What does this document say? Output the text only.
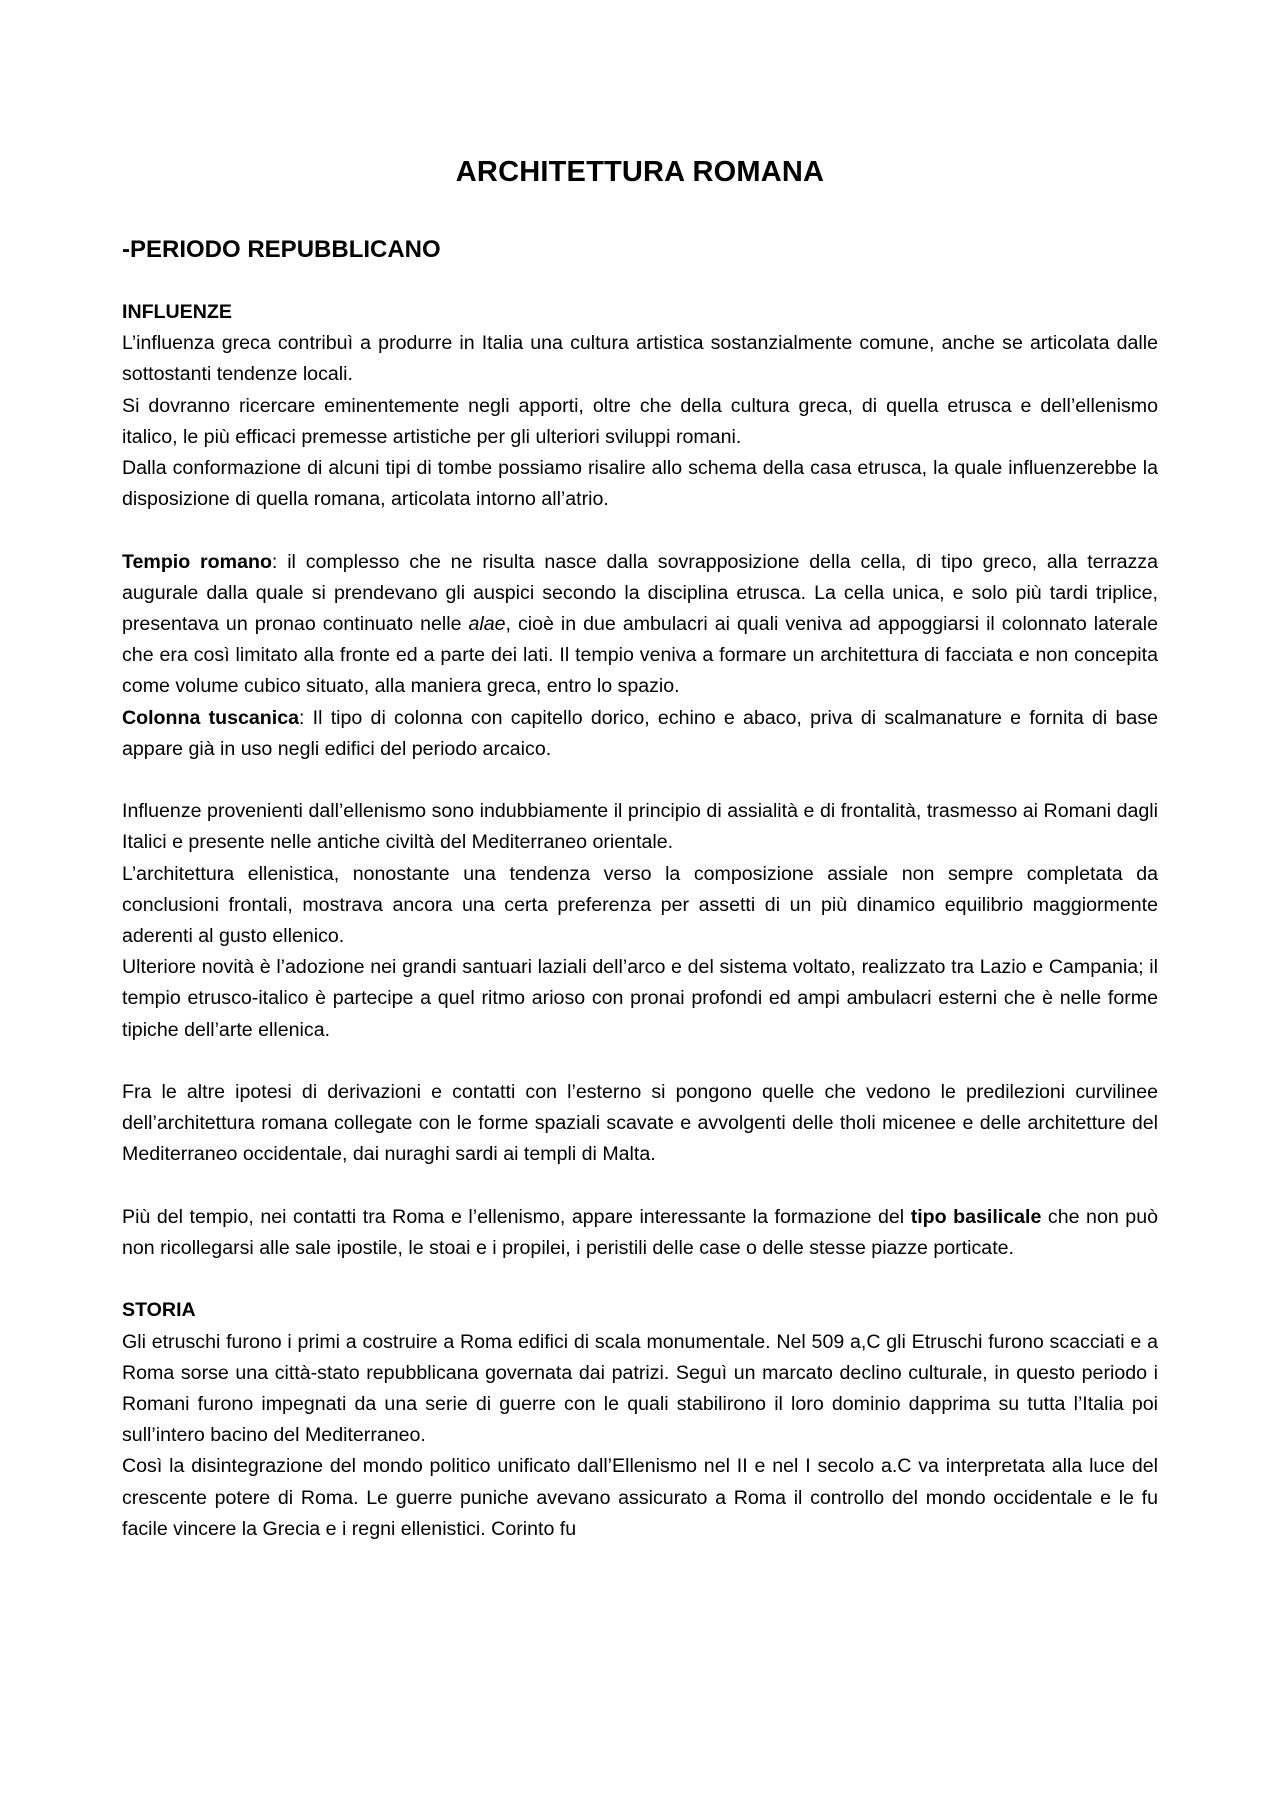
ARCHITETTURA ROMANA
-PERIODO REPUBBLICANO

INFLUENZE

L’influenza greca contribuì a produrre in Italia una cultura artistica sostanzialmente comune, anche se articolata dalle sottostanti tendenze locali.

Si dovranno ricercare eminentemente negli apporti, oltre che della cultura greca, di quella etrusca e dell’ellenismo italico, le più efficaci premesse artistiche per gli ulteriori sviluppi romani.

Dalla conformazione di alcuni tipi di tombe possiamo risalire allo schema della casa etrusca, la quale influenzerebbe la disposizione di quella romana, articolata intorno all’atrio.

Tempio romano: il complesso che ne risulta nasce dalla sovrapposizione della cella, di tipo greco, alla terrazza augurale dalla quale si prendevano gli auspici secondo la disciplina etrusca. La cella unica, e solo più tardi triplice, presentava un pronao continuato nelle alae, cioè in due ambulacri ai quali veniva ad appoggiarsi il colonnato laterale che era così limitato alla fronte ed a parte dei lati. Il tempio veniva a formare un architettura di facciata e non concepita come volume cubico situato, alla maniera greca, entro lo spazio.

Colonna tuscanica: Il tipo di colonna con capitello dorico, echino e abaco, priva di scalmanature e fornita di base appare già in uso negli edifici del periodo arcaico.

Influenze provenienti dall’ellenismo sono indubbiamente il principio di assialità e di frontalità, trasmesso ai Romani dagli Italici e presente nelle antiche civiltà del Mediterraneo orientale.

L’architettura ellenistica, nonostante una tendenza verso la composizione assiale non sempre completata da conclusioni frontali, mostrava ancora una certa preferenza per assetti di un più dinamico equilibrio maggiormente aderenti al gusto ellenico.

Ulteriore novità è l’adozione nei grandi santuari laziali dell’arco e del sistema voltato, realizzato tra Lazio e Campania; il tempio etrusco-italico è partecipe a quel ritmo arioso con pronai profondi ed ampi ambulacri esterni che è nelle forme tipiche dell’arte ellenica.

Fra le altre ipotesi di derivazioni e contatti con l’esterno si pongono quelle che vedono le predilezioni curvilinee dell’architettura romana collegate con le forme spaziali scavate e avvolgenti delle tholi micenee e delle architetture del Mediterraneo occidentale, dai nuraghi sardi ai templi di Malta.

Più del tempio, nei contatti tra Roma e l’ellenismo, appare interessante la formazione del tipo basilicale che non può non ricollegarsi alle sale ipostile, le stoai e i propilei, i peristili delle case o delle stesse piazze porticate.

STORIA

Gli etruschi furono i primi a costruire a Roma edifici di scala monumentale. Nel 509 a,C gli Etruschi furono scacciati e a Roma sorse una città-stato repubblicana governata dai patrizi. Seguì un marcato declino culturale, in questo periodo i Romani furono impegnati da una serie di guerre con le quali stabilirono il loro dominio dapprima su tutta l’Italia poi sull’intero bacino del Mediterraneo.

Così la disintegrazione del mondo politico unificato dall’Ellenismo nel II e nel I secolo a.C va interpretata alla luce del crescente potere di Roma. Le guerre puniche avevano assicurato a Roma il controllo del mondo occidentale e le fu facile vincere la Grecia e i regni ellenistici. Corinto fu
